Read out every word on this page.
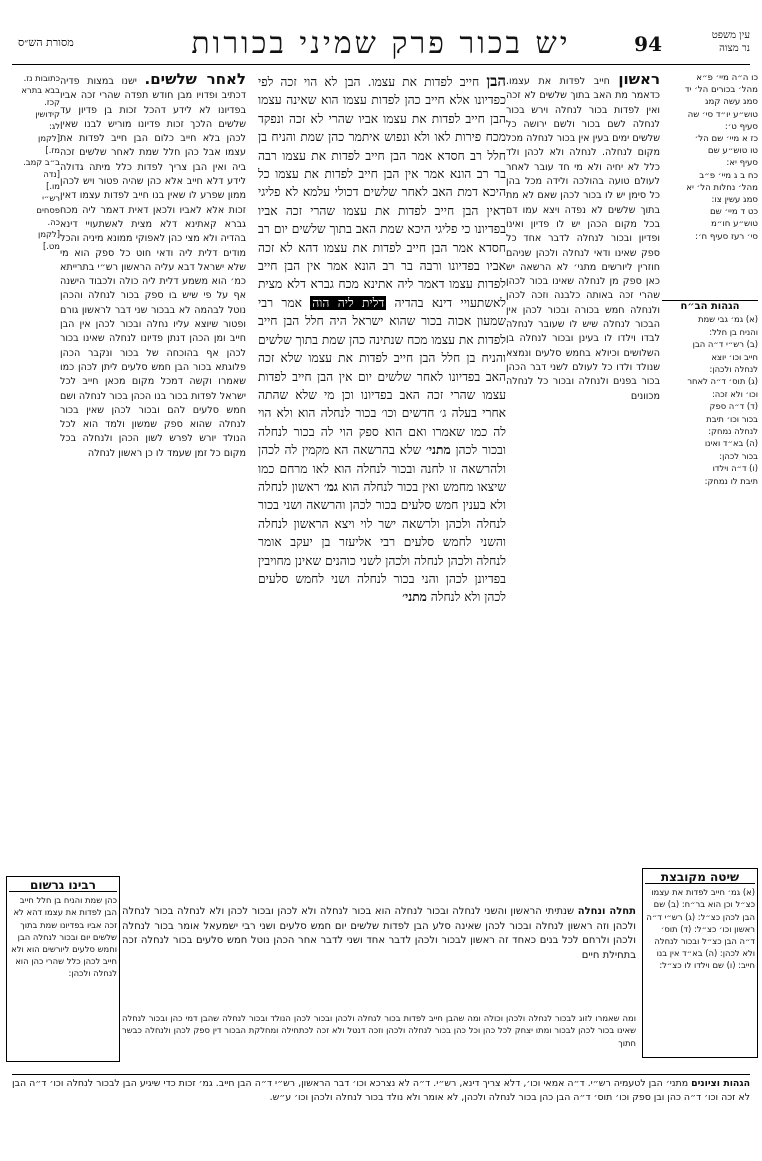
עין משפט
נר מצוה
94
יש בכור פרק שמיני בכורות
מסורת הש״ס
כו ה״ה מיי׳ פ״א
מהל׳ בכורים הל׳ יד
סמג עשה קמג
טוש״ע יו״ד סי׳ שה
סעיף ט׳:
כז א מיי׳ שם הל׳
טו טוש״ע שם
סעיף יא:
כח ב ג מיי׳ פ״ב
מהל׳ נחלות הל׳ יא
סמג עשין צו:
כט ד מיי׳ שם
טוש״ע חו״מ
סי׳ רעז סעיף ח׳:
הגהות הב״ח
(א) גמ׳ גבי שמת
והניח בן חלל:
(ב) רש״י ד״ה הבן
חייב וכו׳ יוצא
לנחלה ולכהן:
(ג) תוס׳ ד״ה לאחר
וכו׳ ולא זכה:
(ד) ד״ה ספק
בכור וכו׳ תיבת
לנחלה נמחק:
(ה) בא״ד ואינו
בכור לכהן:
(ו) ד״ה וילדו
תיבת לו נמחק:

ראשון חייב לפדות את עצמו. כדאמר מת האב בתוך שלשים לא זכה ואין לפדות בכור לנחלה וירש בכור לנחלה לשם בכור ולשם ירושה כל שלשים ימים בעין אין בכור לנחלה מכל מקום לנחלה. לנחלה ולא לכהן ולד כלל לא יחיה ולא מי חד עובר לאחר לעולם טועה בהולכה ולידה מכל בהן כל סימן יש לו בכור לכהן שאם לא מת בתוך שלשים לא נפדה ויצא עמו דם בכל מקום הכהן יש לו פדיון ואינו ופדיון ובכור לנחלה לדבר אחד כל ספק שאינו ודאי לנחלה ולכהן שניהם חוזרין ליורשים מתני׳ לא הרשאה יש כאן ספק מן לנחלה שאינו בכור לכהן שהרי זכה באותה כלבנה וזכה לכהן ולנחלה חמש בכורה ובכור לכהן אין הבכור לנחלה שיש לו שעובר לנחלה לבדו וילדו לו בעינן ובכור לנחלה בן השלושים וכיולא בחמש סלעים ונמצא שנולד ולדו כל לעולם לשני דבר הכהן בכור בפנים ולנחלה ובכור כל לנחלה מכוונים

הבן חייב לפדות את עצמו. הבן לא הוי זכה לפי כפדיונו אלא חייב כהן לפדות עצמו הוא שאינה עצמו הבן חייב לפדות את עצמו אביו שהרי לא זכה ונפקד מכח פירות לאו ולא ונפוש איתמר כהן שמת והניח בן חלל רב חסדא אמר הבן חייב לפדות את עצמו רבה בר רב הונא אמר אין הבן חייב לפדות את עצמו כל היכא דמת האב לאחר שלשים דכולי עלמא לא פליגי דאין הבן חייב לפדות את עצמו שהרי זכה אביו בפדיונו כי פליגי היכא שמת האב בתוך שלשים יום רב חסדא אמר הבן חייב לפדות את עצמו דהא לא זכה אביו בפדיונו ורבה בר רב הונא אמר אין הבן חייב לפדות עצמו דאמר ליה אתינא מכח גברא דלא מצית לאשתעויי דינא בהדיה דלית ליה הוה אמר רבי שמעון אכוה בכור שהוא ישראל היה חלל הבן חייב לפדות את עצמו מכח שנתינה כהן שמת בתוך שלשים והניח בן חלל הבן חייב לפדות את עצמו שלא זכה האב בפדיונו לאחר שלשים יום אין הבן חייב לפדות עצמו שהרי זכה האב בפדיונו וכן מי שלא שהתה אחרי בעלה ג׳ חדשים וכו׳ בכור לנחלה הוא ולא הוי לה כמו שאמרו ואם הוא ספק הוי לה בכור לנחלה ובכור לכהן מתני׳ שלא בהרשאה הא מקמין לה לכהן ולהרשאה זו לחנה ובכור לנחלה הוא לאו מרחם כמו שיצאו מחמש ואין בכור לנחלה הוא גמ׳ ראשון לנחלה ולא בענין חמש סלעים בכור לכהן והרשאה ושני בכור לנחלה ולכהן ולרשאה ישר לוי ויצא הראשון לנחלה והשני לחמש סלעים רבי אליעזר בן יעקב אומר לנחלה ולכהן לנחלה ולכהן לשני כוהנים שאינן מחויבין בפדיונן לכהן והני בכור לנחלה ושני לחמש סלעים לכהן ולא לנחלה מתני׳

לאחר שלשים. ישנו במצות פדיה דכתיב ופדויו מבן חודש תפדה שהרי זכה אביו בפדיונו לא לידע דהכל זכות בן פדיון עד שלשים הלכך זכות פדיונו מוריש לבנו שאין לכהן בלא חייב כלום הבן חייב לפדות את עצמו אבל כהן חלל שמת לאחר שלשים זכה ביה ואין הבן צריך לפדות כלל מיתה גדולה לידע דלא חייב אלא כהן שהיה פטור ויש לכהן ממון שפרע לו שאין בנו חייב לפדות עצמו דאין זכות אלא לאביו ולכאן דאית דאמר ליה מכח גברא קאתינא דלא מצית לאשתעויי דינא בהדיה ולא מצי כהן לאפוקי ממונא מיניה והכל מודים דלית ליה ודאי חוט כל ספק הוא מי שלא ישראל דבא עליה הראשון רש״י בתרייתא כמ׳ הוא משמע דלית ליה כולה ולכבוד הישנה אף על פי שיש בו ספק בכור לנחלה והכהן נוטל לבהמה לא בבכור שני דבר לראשון גורם ופטור שיוצא עליו נחלה ובכור לכהן אין הבן חייב ומן הכהן דנתן פדיונו לנחלה שאינו בכור לכהן אף בהוכחה של בכור ונקבר הכהן פלוגתא בכור הבן חמש סלעים ליתן לכהן כמו שאמרו וקשה דמכל מקום מכאן חייב לכל ישראל לפדות בכור בנו הכהן בכור לנחלה ושם חמש סלעים להם ובכור לכהן שאין בכור לנחלה שהוא ספק שמשון ולמד הוא לכל הנולד יורש לפרש לשון הכהן ולנחלה בכל מקום כל זמן שעמד לו כן ראשון לנחלה

כתובות נז.
בבא בתרא
קכז.
קידושין
לג:
[לקמן
מז.]
ב״ב קמב.
[נדה
מו.]
רש״י
פסחים
כה.
[לקמן
מט.]
שיטה מקובצת
(א) גמ׳ חייב לפדות את עצמו כצ״ל וכן הוא בר״ח: (ב) שם הבן לכהן כצ״ל: (ג) רש״י ד״ה ראשון וכו׳ כצ״ל: (ד) תוס׳ ד״ה הבן כצ״ל ובכור לנחלה ולא לכהן: (ה) בא״ד אין בנו חייב: (ו) שם וילדו לו כצ״ל:

תחלה ונחלה שנתיתי הראשון והשני לנחלה ובכור לנחלה הוא בכור לנחלה ולא לכהן ובכור לכהן ולא לנחלה בכור לנחלה ולכהן וזה ראשון לנחלה ובכור לכהן שאינה סלע הבן לפדות שלשים יום חמש סלעים ושני רבי ישמעאל אומר בכור לנחלה ולכהן ולרחם לכל בנים כאחד זה ראשון לבכור ולכהן לדבר אחד ושני לדבר אחר הכהן נוטל חמש סלעים בכור לנחלה זכה בתחילת חיים

רבינו גרשום
כהן שמת והניח בן חלל חייב הבן לפדות את עצמו דהא לא זכה אביו בפדיונו שמת בתוך שלשים יום ובכור לנחלה הבן וחמש סלעים ליורשים הוא ולא חייב לכהן כלל שהרי כהן הוא לנחלה ולכהן:

ומה שאמרו לזוג לבכור לנחלה ולכהן וכולה ומה שהבן חייב לפדות בכור לנחלה ולכהן ובכור לכהן הנולד ובכור לנחלה שהבן דמי כהן ובכור לנחלה שאינו בכור לכהן לבכור ומתו יצחק לכל כהן וכל כהן בכור לנחלה ולכהן וזכה דנטל ולא זכה לכתחילה ומחלקת הבכור דין ספק לכהן ולנחלה כבשר חתוך

הגהות וציונים מתני׳ הבן לטעמיה רש״י. ד״ה אמאי וכו׳, דלא צריך דינא, רש״י. ד״ה לא נצרכא וכו׳ דבר הראשון, רש״י ד״ה הבן חייב. גמ׳ זכות כדי שיגיע הבן לבכור לנחלה וכו׳ ד״ה הבן לא זכה וכו׳ ד״ה כהן ובן ספק וכו׳ תוס׳ ד״ה הבן כהן בכור לנחלה ולכהן, לא אומר ולא נולד בכור לנחלה ולכהן וכו׳ ע״ש.
